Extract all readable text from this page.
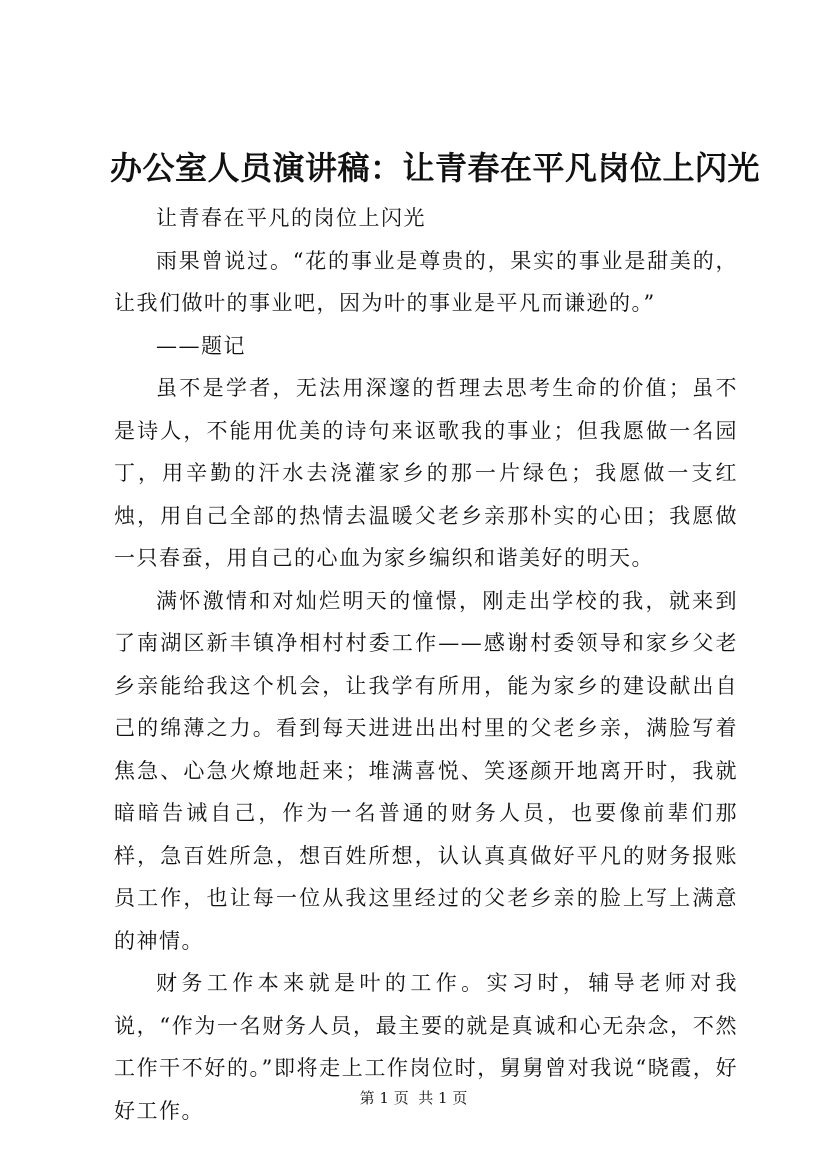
办公室人员演讲稿：让青春在平凡岗位上闪光

让青春在平凡的岗位上闪光

雨果曾说过。“花的事业是尊贵的，果实的事业是甜美的，让我们做叶的事业吧，因为叶的事业是平凡而谦逊的。”

——题记

虽不是学者，无法用深邃的哲理去思考生命的价值；虽不是诗人，不能用优美的诗句来讴歌我的事业；但我愿做一名园丁，用辛勤的汗水去浇灌家乡的那一片绿色；我愿做一支红烛，用自己全部的热情去温暖父老乡亲那朴实的心田；我愿做一只春蚕，用自己的心血为家乡编织和谐美好的明天。

满怀激情和对灿烂明天的憧憬，刚走出学校的我，就来到了南湖区新丰镇净相村村委工作——感谢村委领导和家乡父老乡亲能给我这个机会，让我学有所用，能为家乡的建设献出自己的绵薄之力。看到每天进进出出村里的父老乡亲，满脸写着焦急、心急火燎地赶来；堆满喜悦、笑逐颜开地离开时，我就暗暗告诫自己，作为一名普通的财务人员，也要像前辈们那样，急百姓所急，想百姓所想，认认真真做好平凡的财务报账员工作，也让每一位从我这里经过的父老乡亲的脸上写上满意的神情。

财务工作本来就是叶的工作。实习时，辅导老师对我说，“作为一名财务人员，最主要的就是真诚和心无杂念，不然工作干不好的。”即将走上工作岗位时，舅舅曾对我说“晓霞，好好工作。

第 1 页  共 1 页
